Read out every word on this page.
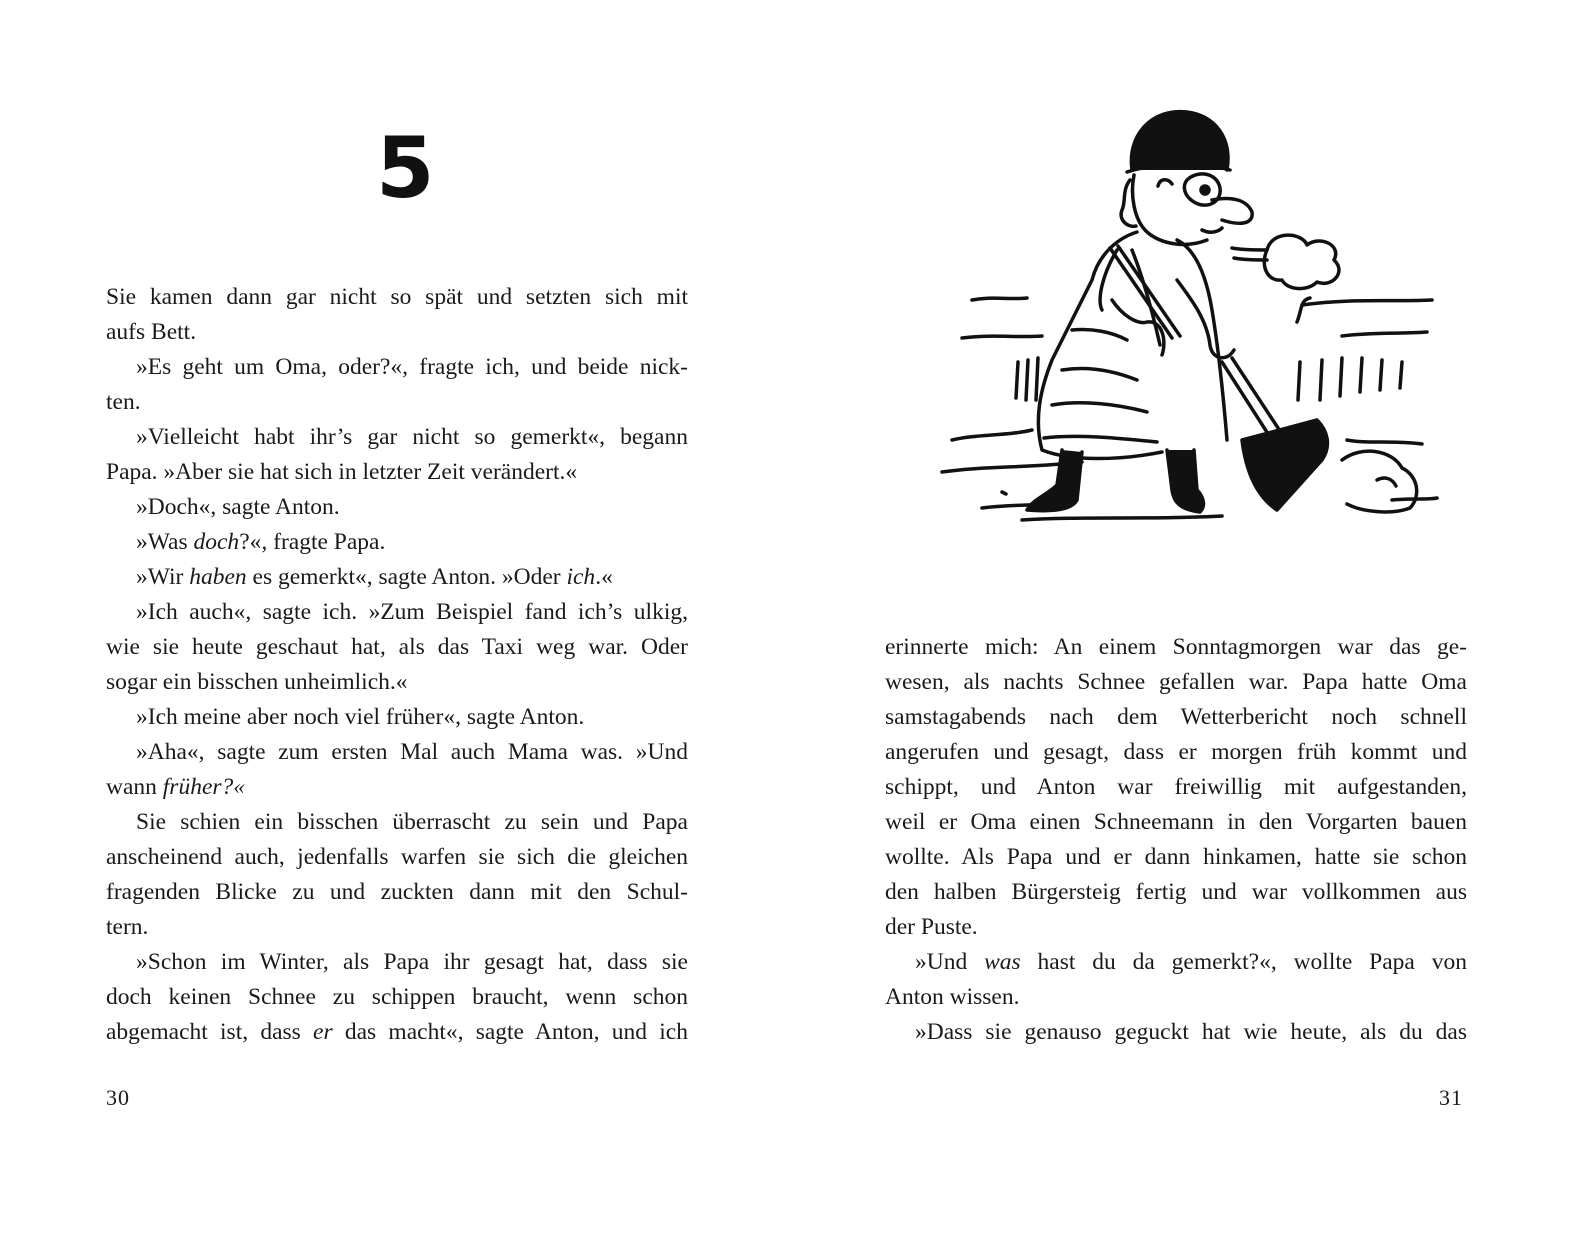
5
Sie kamen dann gar nicht so spät und setzten sich mit
aufs Bett.
»Es geht um Oma, oder?«, fragte ich, und beide nick-
ten.
»Vielleicht habt ihr’s gar nicht so gemerkt«, begann
Papa. »Aber sie hat sich in letzter Zeit verändert.«
»Doch«, sagte Anton.
»Was doch?«, fragte Papa.
»Wir haben es gemerkt«, sagte Anton. »Oder ich.«
»Ich auch«, sagte ich. »Zum Beispiel fand ich’s ulkig,
wie sie heute geschaut hat, als das Taxi weg war. Oder
sogar ein bisschen unheimlich.«
»Ich meine aber noch viel früher«, sagte Anton.
»Aha«, sagte zum ersten Mal auch Mama was. »Und
wann früher?«
Sie schien ein bisschen überrascht zu sein und Papa
anscheinend auch, jedenfalls warfen sie sich die gleichen
fragenden Blicke zu und zuckten dann mit den Schul-
tern.
»Schon im Winter, als Papa ihr gesagt hat, dass sie
doch keinen Schnee zu schippen braucht, wenn schon
abgemacht ist, dass er das macht«, sagte Anton, und ich
30
erinnerte mich: An einem Sonntagmorgen war das ge-
wesen, als nachts Schnee gefallen war. Papa hatte Oma
samstagabends nach dem Wetterbericht noch schnell
angerufen und gesagt, dass er morgen früh kommt und
schippt, und Anton war freiwillig mit aufgestanden,
weil er Oma einen Schneemann in den Vorgarten bauen
wollte. Als Papa und er dann hinkamen, hatte sie schon
den halben Bürgersteig fertig und war vollkommen aus
der Puste.
»Und was hast du da gemerkt?«, wollte Papa von
Anton wissen.
»Dass sie genauso geguckt hat wie heute, als du das
31
